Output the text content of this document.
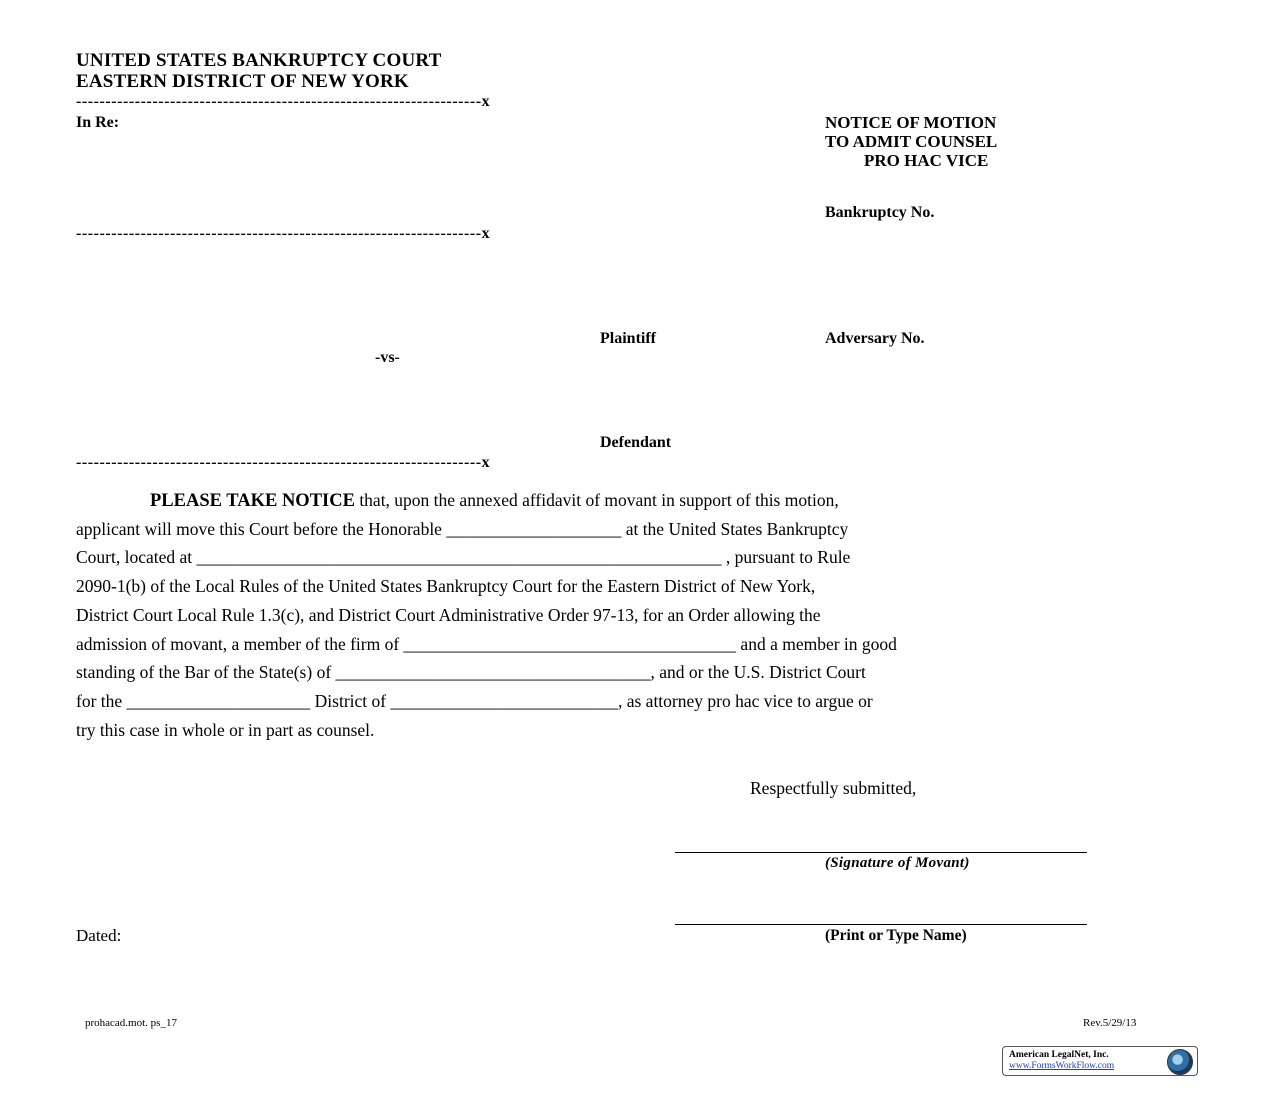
UNITED STATES BANKRUPTCY COURT
EASTERN DISTRICT OF NEW YORK
---------------------------------------------------------------------x
---------------------------------------------------------------------x
---------------------------------------------------------------------x
In Re:
Plaintiff
-vs-
Defendant
NOTICE OF MOTION
TO ADMIT COUNSEL
PRO HAC VICE
Bankruptcy No.
Adversary No.
PLEASE TAKE NOTICE that, upon the annexed affidavit of movant in support of this motion,
applicant will move this Court before the Honorable ____________________ at the United States Bankruptcy
Court, located at ____________________________________________________________ , pursuant to Rule
2090-1(b) of the Local Rules of the United States Bankruptcy Court for the Eastern District of New York,
District Court Local Rule 1.3(c), and District Court Administrative Order 97-13, for an Order allowing the
admission of movant, a member of the firm of ______________________________________ and a member in good
standing of the Bar of the State(s) of ____________________________________, and or the U.S. District Court
for the _____________________ District of __________________________, as attorney pro hac vice to argue or
try this case in whole or in part as counsel.
Respectfully submitted,
(Signature of Movant)
(Print or Type Name)
Dated:
prohacad.mot. ps_17	Rev.5/29/13
American LegalNet, Inc.
www.FormsWorkFlow.com
